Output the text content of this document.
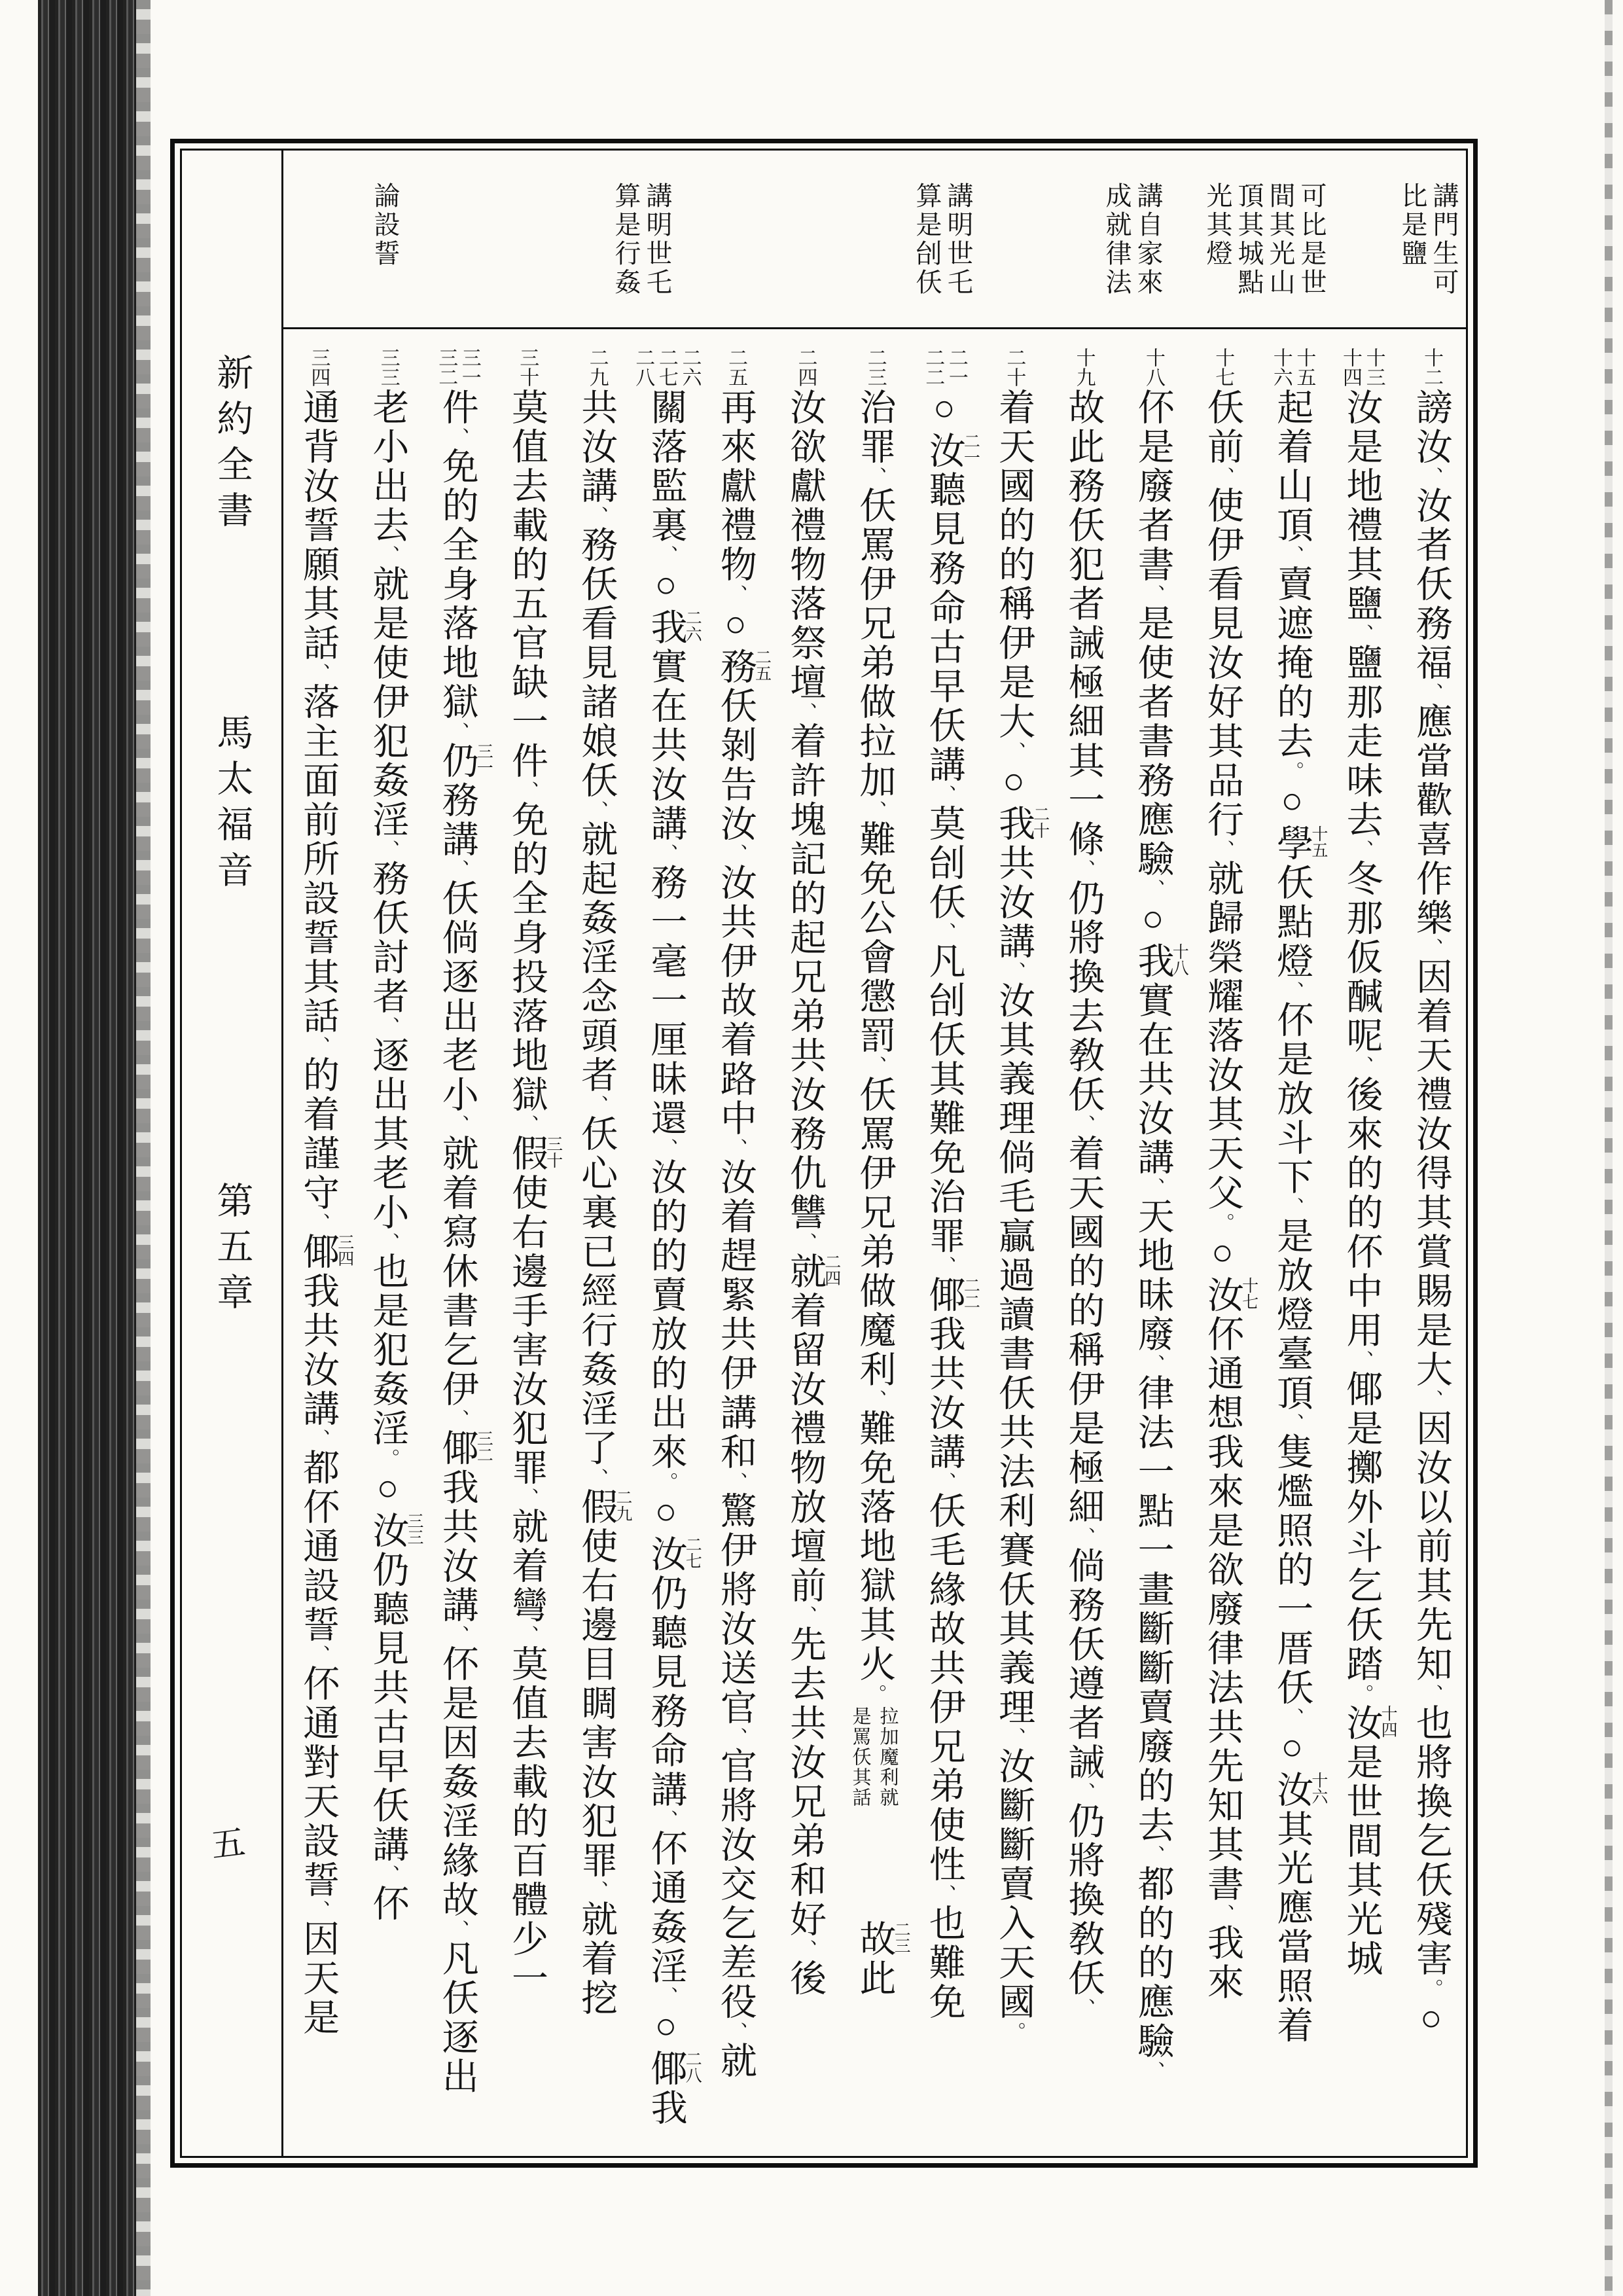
新約全書
馬太福音
第五章
五
講門生可比是鹽
可比是世間其光山頂其城點光其燈
講自家來成就律法
講明世乇算是刣仸
講明世乇算是行姦
論設誓
十二
謗汝、汝者仸務福、應當歡喜作樂、因着天禮汝得其賞賜是大、因汝以前其先知、也將換乞仸殘害。○
十三
十四
汝是地禮其鹽、鹽那走味去、冬那仮醎呢、後來的的伓中用、倻是擲外斗乞仸踏。
十四
汝是世間其光城
十五
十六
起着山頂、賣遮掩的去。○
十五
學仸點燈、伓是放斗下、是放燈臺頂、隻爁照的一厝仸、○
十六
汝其光應當照着
十七
仸前、使伊看見汝好其品行、就歸榮耀落汝其天父。○
十七
汝伓通想我來是欲廢律法共先知其書、我來
十八
伓是廢者書、是使者書務應驗、○
十八
我實在共汝講、天地昧廢、律法一點一畫斷斷賣廢的去、都的的應驗、
十九
故此務仸犯者誡極細其一條、仍將換去敎仸、着天國的的稱伊是極細、倘務仸遵者誡、仍將換敎仸、
二十
着天國的的稱伊是大、○
二十
我共汝講、汝其義理倘毛贏過讀書仸共法利賽仸其義理、汝斷斷賣入天國。
二一
二二
○
二一
汝聽見務命古早仸講、莫刣仸、凡刣仸其難免治罪、
二二
倻我共汝講、仸毛緣故共伊兄弟使性、也難免
二三
治罪、仸罵伊兄弟做拉加、難免公會懲罰、仸罵伊兄弟做魔利、難免落地獄其火。
拉加魔利就
是罵仸其話
二三
故此
二四
汝欲獻禮物落祭壇、着許塊記的起兄弟共汝務仇讐、
二四
就着留汝禮物放壇前、先去共汝兄弟和好、後
二五
再來獻禮物、○
二五
務仸剝告汝、汝共伊故着路中、汝着趕緊共伊講和、驚伊將汝送官、官將汝交乞差役、就
二六
二七
二八
關落監裏、○
二六
我實在共汝講、務一毫一厘昧還、汝的的賣放的出來。○
二七
汝仍聽見務命講、伓通姦淫、○
二八
倻我
二九
共汝講、務仸看見諸娘仸、就起姦淫念頭者、仸心裏已經行姦淫了、
二九
假使右邊目睭害汝犯罪、就着挖
三十
莫值去載的五官缺一件、免的全身投落地獄、
三十
假使右邊手害汝犯罪、就着彎、莫值去載的百體少一
三一
三二
件、免的全身落地獄、
三一
仍務講、仸倘逐出老小、就着寫休書乞伊、
三二
倻我共汝講、伓是因姦淫緣故、凡仸逐出
三三
老小出去、就是使伊犯姦淫、務仸討者、逐出其老小、也是犯姦淫。○
三三
汝仍聽見共古早仸講、伓
三四
通背汝誓願其話、落主面前所設誓其話、的着謹守、
三四
倻我共汝講、都伓通設誓、伓通對天設誓、因天是
